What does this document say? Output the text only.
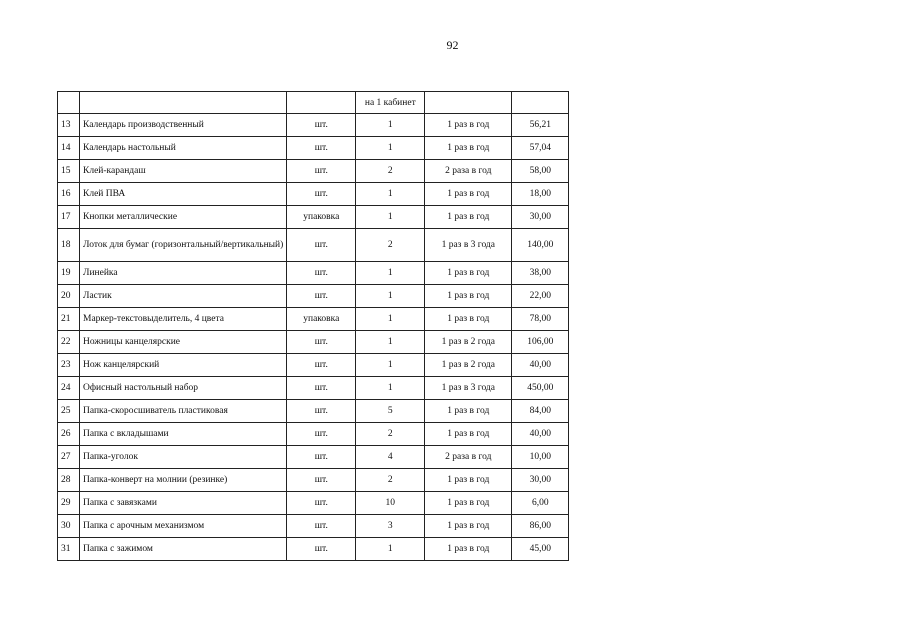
92
			на 1 кабинет		
13	Календарь производственный	шт.	1	1 раз в год	56,21
14	Календарь настольный	шт.	1	1 раз в год	57,04
15	Клей-карандаш	шт.	2	2 раза в год	58,00
16	Клей ПВА	шт.	1	1 раз в год	18,00
17	Кнопки металлические	упаковка	1	1 раз в год	30,00
18	Лоток для бумаг (горизонтальный/вертикальный)	шт.	2	1 раз в 3 года	140,00
19	Линейка	шт.	1	1 раз в год	38,00
20	Ластик	шт.	1	1 раз в год	22,00
21	Маркер-текстовыделитель, 4 цвета	упаковка	1	1 раз в год	78,00
22	Ножницы канцелярские	шт.	1	1 раз в 2 года	106,00
23	Нож канцелярский	шт.	1	1 раз в 2 года	40,00
24	Офисный настольный набор	шт.	1	1 раз в 3 года	450,00
25	Папка-скоросшиватель пластиковая	шт.	5	1 раз в год	84,00
26	Папка с вкладышами	шт.	2	1 раз в год	40,00
27	Папка-уголок	шт.	4	2 раза в год	10,00
28	Папка-конверт на молнии (резинке)	шт.	2	1 раз в год	30,00
29	Папка с завязками	шт.	10	1 раз в год	6,00
30	Папка с арочным механизмом	шт.	3	1 раз в год	86,00
31	Папка с зажимом	шт.	1	1 раз в год	45,00
